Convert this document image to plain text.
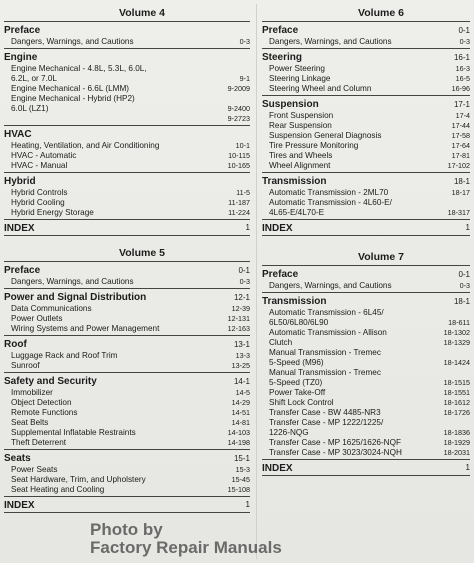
Volume 4
Preface
Dangers, Warnings, and Cautions	0-3
Engine
Engine Mechanical - 4.8L, 5.3L, 6.0L,
6.2L, or 7.0L	9-1
Engine Mechanical - 6.6L (LMM)	9-2009
Engine Mechanical - Hybrid (HP2)
6.0L (LZ1)	9-2400
9-2723
HVAC
Heating, Ventilation, and Air Conditioning	10-1
HVAC - Automatic	10-115
HVAC - Manual	10-165
Hybrid
Hybrid Controls	11-5
Hybrid Cooling	11-187
Hybrid Energy Storage	11-224
INDEX	1
Volume 5
Preface	0-1
Dangers, Warnings, and Cautions	0-3
Power and Signal Distribution	12-1
Data Communications	12-39
Power Outlets	12-131
Wiring Systems and Power Management	12-163
Roof	13-1
Luggage Rack and Roof Trim	13-3
Sunroof	13-25
Safety and Security	14-1
Immobilizer	14-5
Object Detection	14-29
Remote Functions	14-51
Seat Belts	14-81
Supplemental Inflatable Restraints	14-103
Theft Deterrent	14-198
Seats	15-1
Power Seats	15-3
Seat Hardware, Trim, and Upholstery	15-45
Seat Heating and Cooling	15-108
INDEX	1
Volume 6
Preface	0-1
Dangers, Warnings, and Cautions	0-3
Steering	16-1
Power Steering	16-3
Steering Linkage	16-5
Steering Wheel and Column	16-96
Suspension	17-1
Front Suspension	17-4
Rear Suspension	17-44
Suspension General Diagnosis	17-58
Tire Pressure Monitoring	17-64
Tires and Wheels	17-81
Wheel Alignment	17-102
Transmission	18-1
Automatic Transmission - 2ML70	18-17
Automatic Transmission - 4L60-E/
4L65-E/4L70-E	18-317
INDEX	1
Volume 7
Preface	0-1
Dangers, Warnings, and Cautions	0-3
Transmission	18-1
Automatic Transmission - 6L45/
6L50/6L80/6L90	18-611
Automatic Transmission - Allison	18-1302
Clutch	18-1329
Manual Transmission - Tremec
5-Speed (M96)	18-1424
Manual Transmission - Tremec
5-Speed (TZ0)	18-1515
Power Take-Off	18-1551
Shift Lock Control	18-1612
Transfer Case - BW 4485-NR3	18-1726
Transfer Case - MP 1222/1225/
1226-NQG	18-1836
Transfer Case - MP 1625/1626-NQF	18-1929
Transfer Case - MP 3023/3024-NQH	18-2031
INDEX	1
Photo by
Factory Repair Manuals
